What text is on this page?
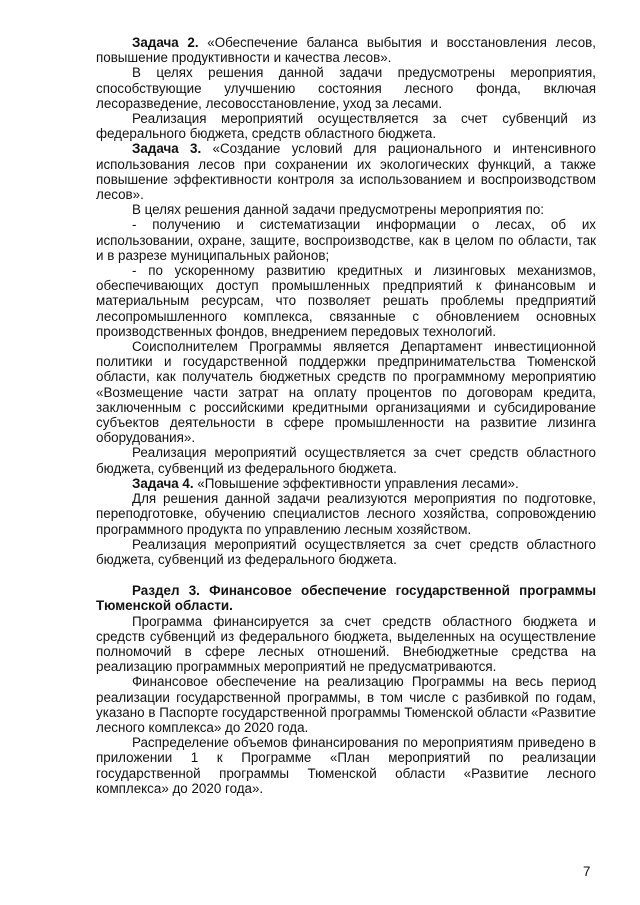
Задача 2. «Обеспечение баланса выбытия и восстановления лесов, повышение продуктивности и качества лесов».

В целях решения данной задачи предусмотрены мероприятия, способствующие улучшению состояния лесного фонда, включая лесоразведение, лесовосстановление, уход за лесами.

Реализация мероприятий осуществляется за счет субвенций из федерального бюджета, средств областного бюджета.

Задача 3. «Создание условий для рационального и интенсивного использования лесов при сохранении их экологических функций, а также повышение эффективности контроля за использованием и воспроизводством лесов».

В целях решения данной задачи предусмотрены мероприятия по:

- получению и систематизации информации о лесах, об их использовании, охране, защите, воспроизводстве, как в целом по области, так и в разрезе муниципальных районов;

- по ускоренному развитию кредитных и лизинговых механизмов, обеспечивающих доступ промышленных предприятий к финансовым и материальным ресурсам, что позволяет решать проблемы предприятий лесопромышленного комплекса, связанные с обновлением основных производственных фондов, внедрением передовых технологий.

Соисполнителем Программы является Департамент инвестиционной политики и государственной поддержки предпринимательства Тюменской области, как получатель бюджетных средств по программному мероприятию «Возмещение части затрат на оплату процентов по договорам кредита, заключенным с российскими кредитными организациями и субсидирование субъектов деятельности в сфере промышленности на развитие лизинга оборудования».

Реализация мероприятий осуществляется за счет средств областного бюджета, субвенций из федерального бюджета.

Задача 4. «Повышение эффективности управления лесами».

Для решения данной задачи реализуются мероприятия по подготовке, переподготовке, обучению специалистов лесного хозяйства, сопровождению программного продукта по управлению лесным хозяйством.

Реализация мероприятий осуществляется за счет средств областного бюджета, субвенций из федерального бюджета.

Раздел 3. Финансовое обеспечение государственной программы Тюменской области.

Программа финансируется за счет средств областного бюджета и средств субвенций из федерального бюджета, выделенных на осуществление полномочий в сфере лесных отношений. Внебюджетные средства на реализацию программных мероприятий не предусматриваются.

Финансовое обеспечение на реализацию Программы на весь период реализации государственной программы, в том числе с разбивкой по годам, указано в Паспорте государственной программы Тюменской области «Развитие лесного комплекса» до 2020 года.

Распределение объемов финансирования по мероприятиям приведено в приложении 1 к Программе «План мероприятий по реализации государственной программы Тюменской области «Развитие лесного комплекса» до 2020 года».

7
